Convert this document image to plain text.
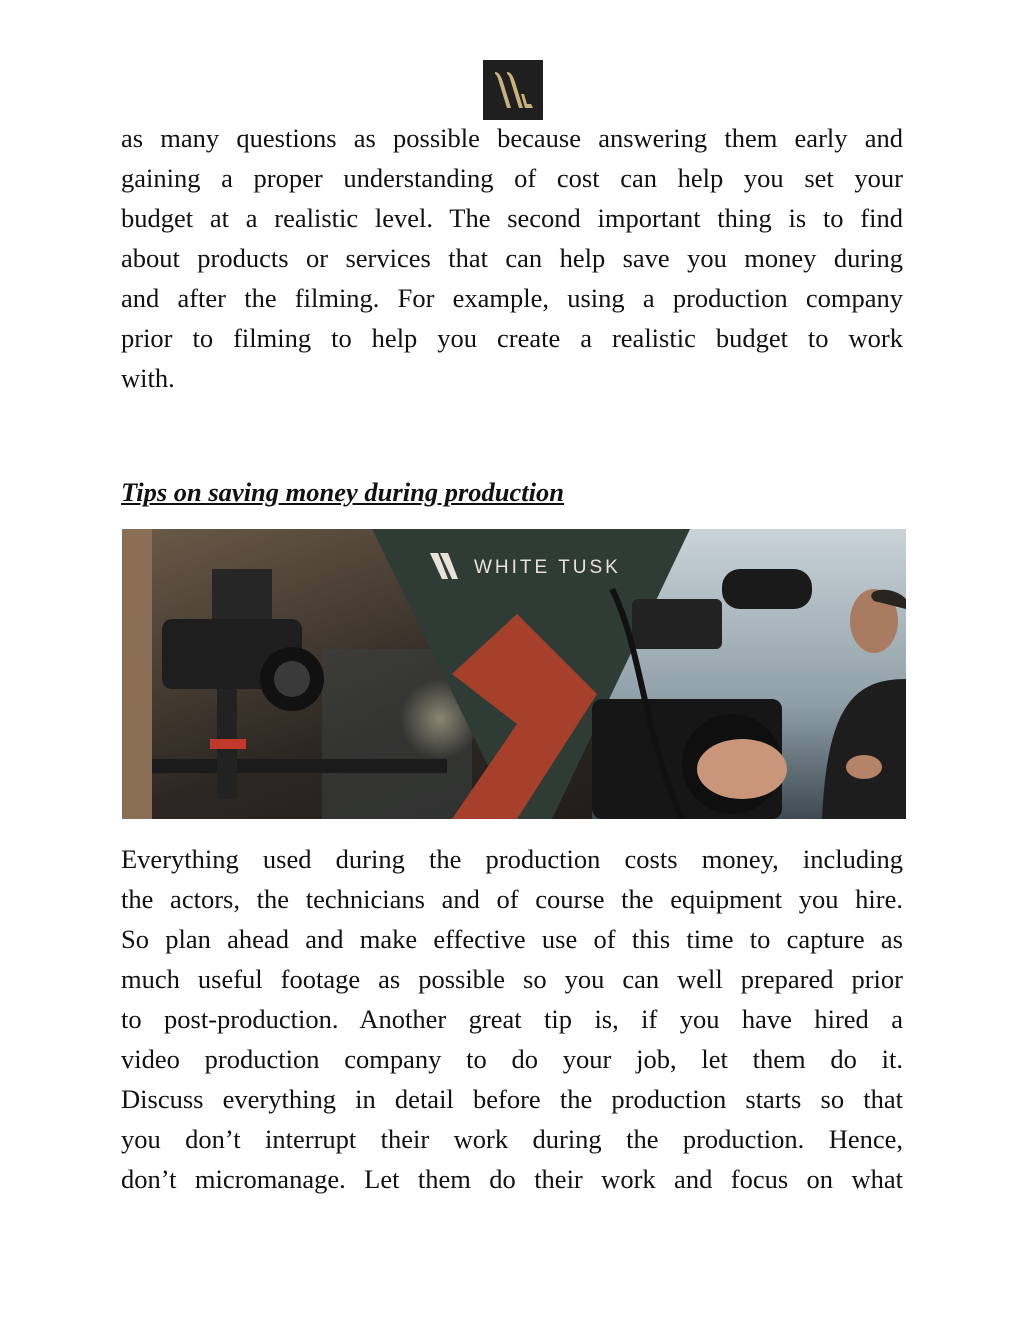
as many questions as possible because answering them early and
gaining a proper understanding of cost can help you set your
budget at a realistic level. The second important thing is to find
about products or services that can help save you money during
and after the filming. For example, using a production company
prior to filming to help you create a realistic budget to work
with.

Tips on saving money during production
WHITE TUSK

Everything used during the production costs money, including
the actors, the technicians and of course the equipment you hire.
So plan ahead and make effective use of this time to capture as
much useful footage as possible so you can well prepared prior
to post-production. Another great tip is, if you have hired a
video production company to do your job, let them do it.
Discuss everything in detail before the production starts so that
you don’t interrupt their work during the production. Hence,
don’t micromanage. Let them do their work and focus on what
